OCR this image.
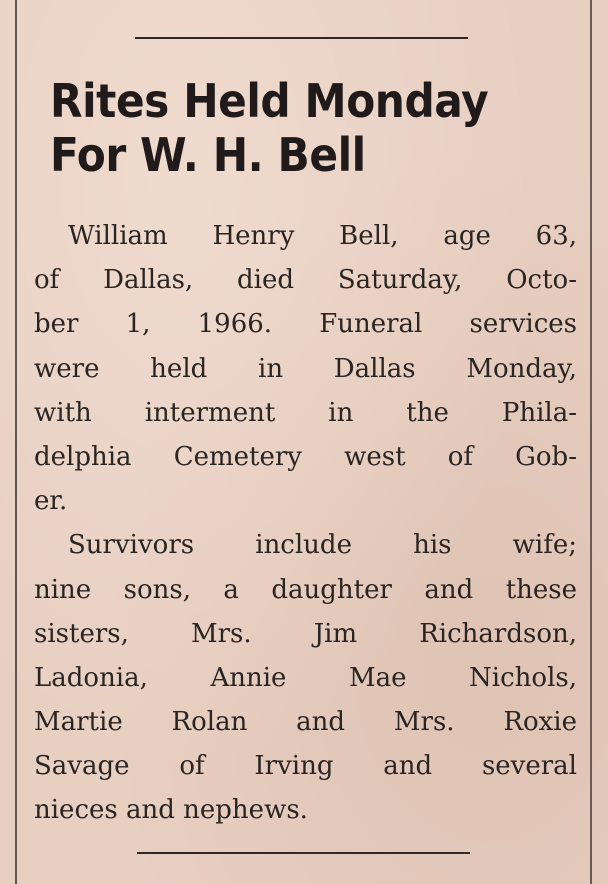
Rites Held Monday
For W. H. Bell
William Henry Bell, age 63,
of Dallas, died Saturday, Octo-
ber 1, 1966. Funeral services
were held in Dallas Monday,
with interment in the Phila-
delphia Cemetery west of Gob-
er.
Survivors include his wife;
nine sons, a daughter and these
sisters, Mrs. Jim Richardson,
Ladonia, Annie Mae Nichols,
Martie Rolan and Mrs. Roxie
Savage of Irving and several
nieces and nephews.
